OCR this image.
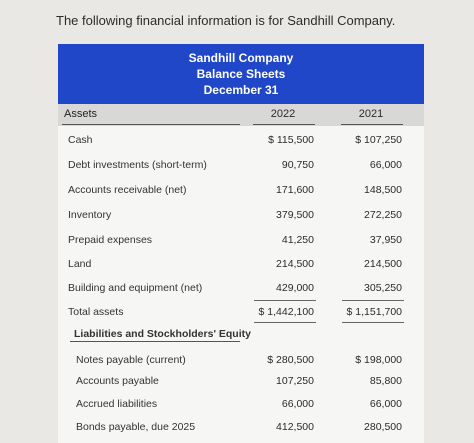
The following financial information is for Sandhill Company.

Sandhill Company
Balance Sheets
December 31
Assets	2022	2021
Cash	$ 115,500	$ 107,250
Debt investments (short-term)	90,750	66,000
Accounts receivable (net)	171,600	148,500
Inventory	379,500	272,250
Prepaid expenses	41,250	37,950
Land	214,500	214,500
Building and equipment (net)	429,000	305,250
Total assets	$ 1,442,100	$ 1,151,700
Liabilities and Stockholders' Equity
Notes payable (current)	$ 280,500	$ 198,000
Accounts payable	107,250	85,800
Accrued liabilities	66,000	66,000
Bonds payable, due 2025	412,500	280,500
